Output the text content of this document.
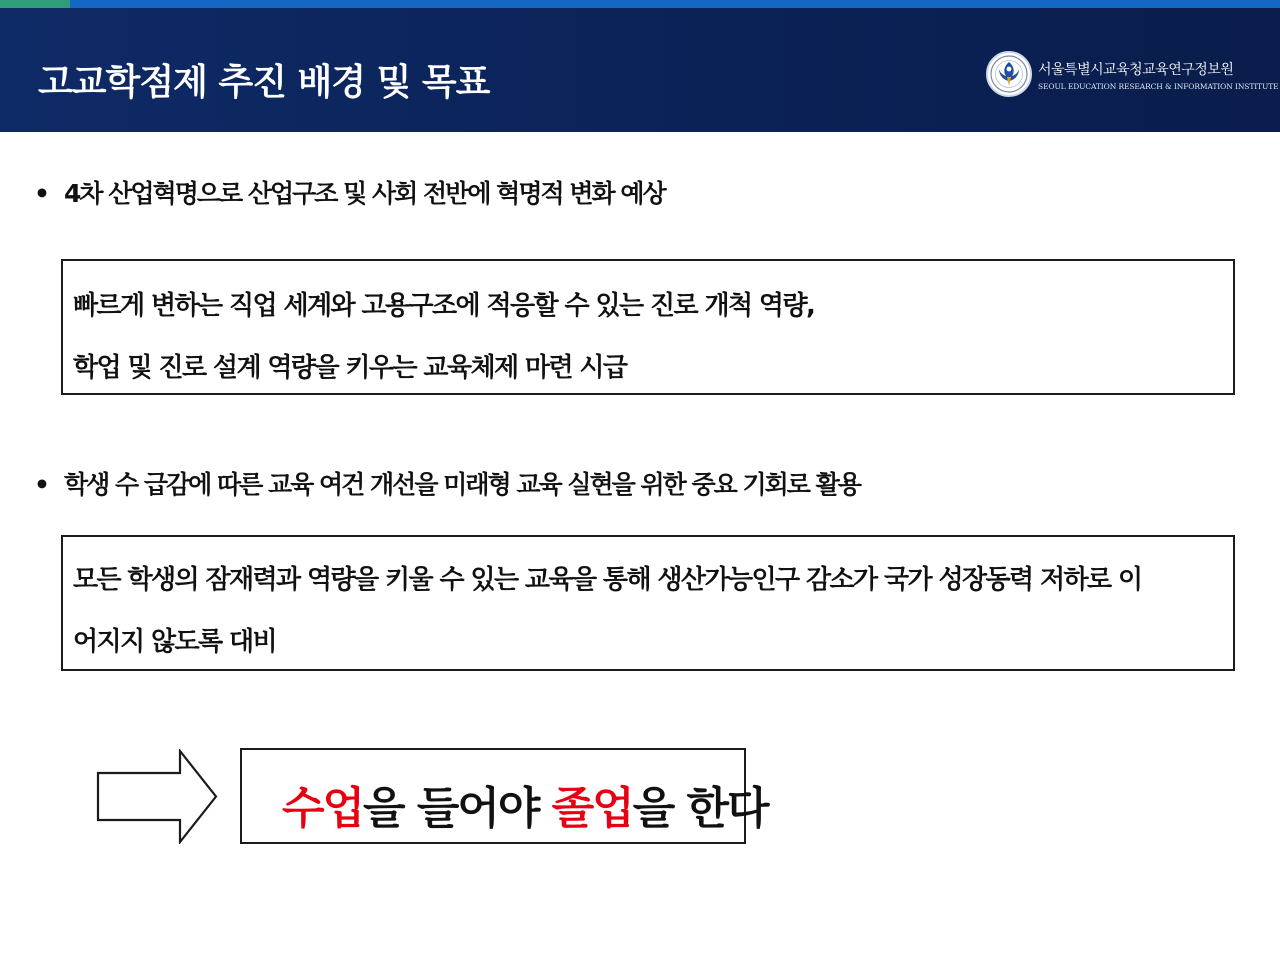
고교학점제 추진 배경 및 목표	서울특별시교육청교육연구정보원
SEOUL EDUCATION RESEARCH & INFORMATION INSTITUTE
• 4차 산업혁명으로 산업구조 및 사회 전반에 혁명적 변화 예상
빠르게 변하는 직업 세계와 고용구조에 적응할 수 있는 진로 개척 역량,
학업 및 진로 설계 역량을 키우는 교육체제 마련 시급
• 학생 수 급감에 따른 교육 여건 개선을 미래형 교육 실현을 위한 중요 기회로 활용
모든 학생의 잠재력과 역량을 키울 수 있는 교육을 통해 생산가능인구 감소가 국가 성장동력 저하로 이
어지지 않도록 대비
수업을 들어야 졸업을 한다
